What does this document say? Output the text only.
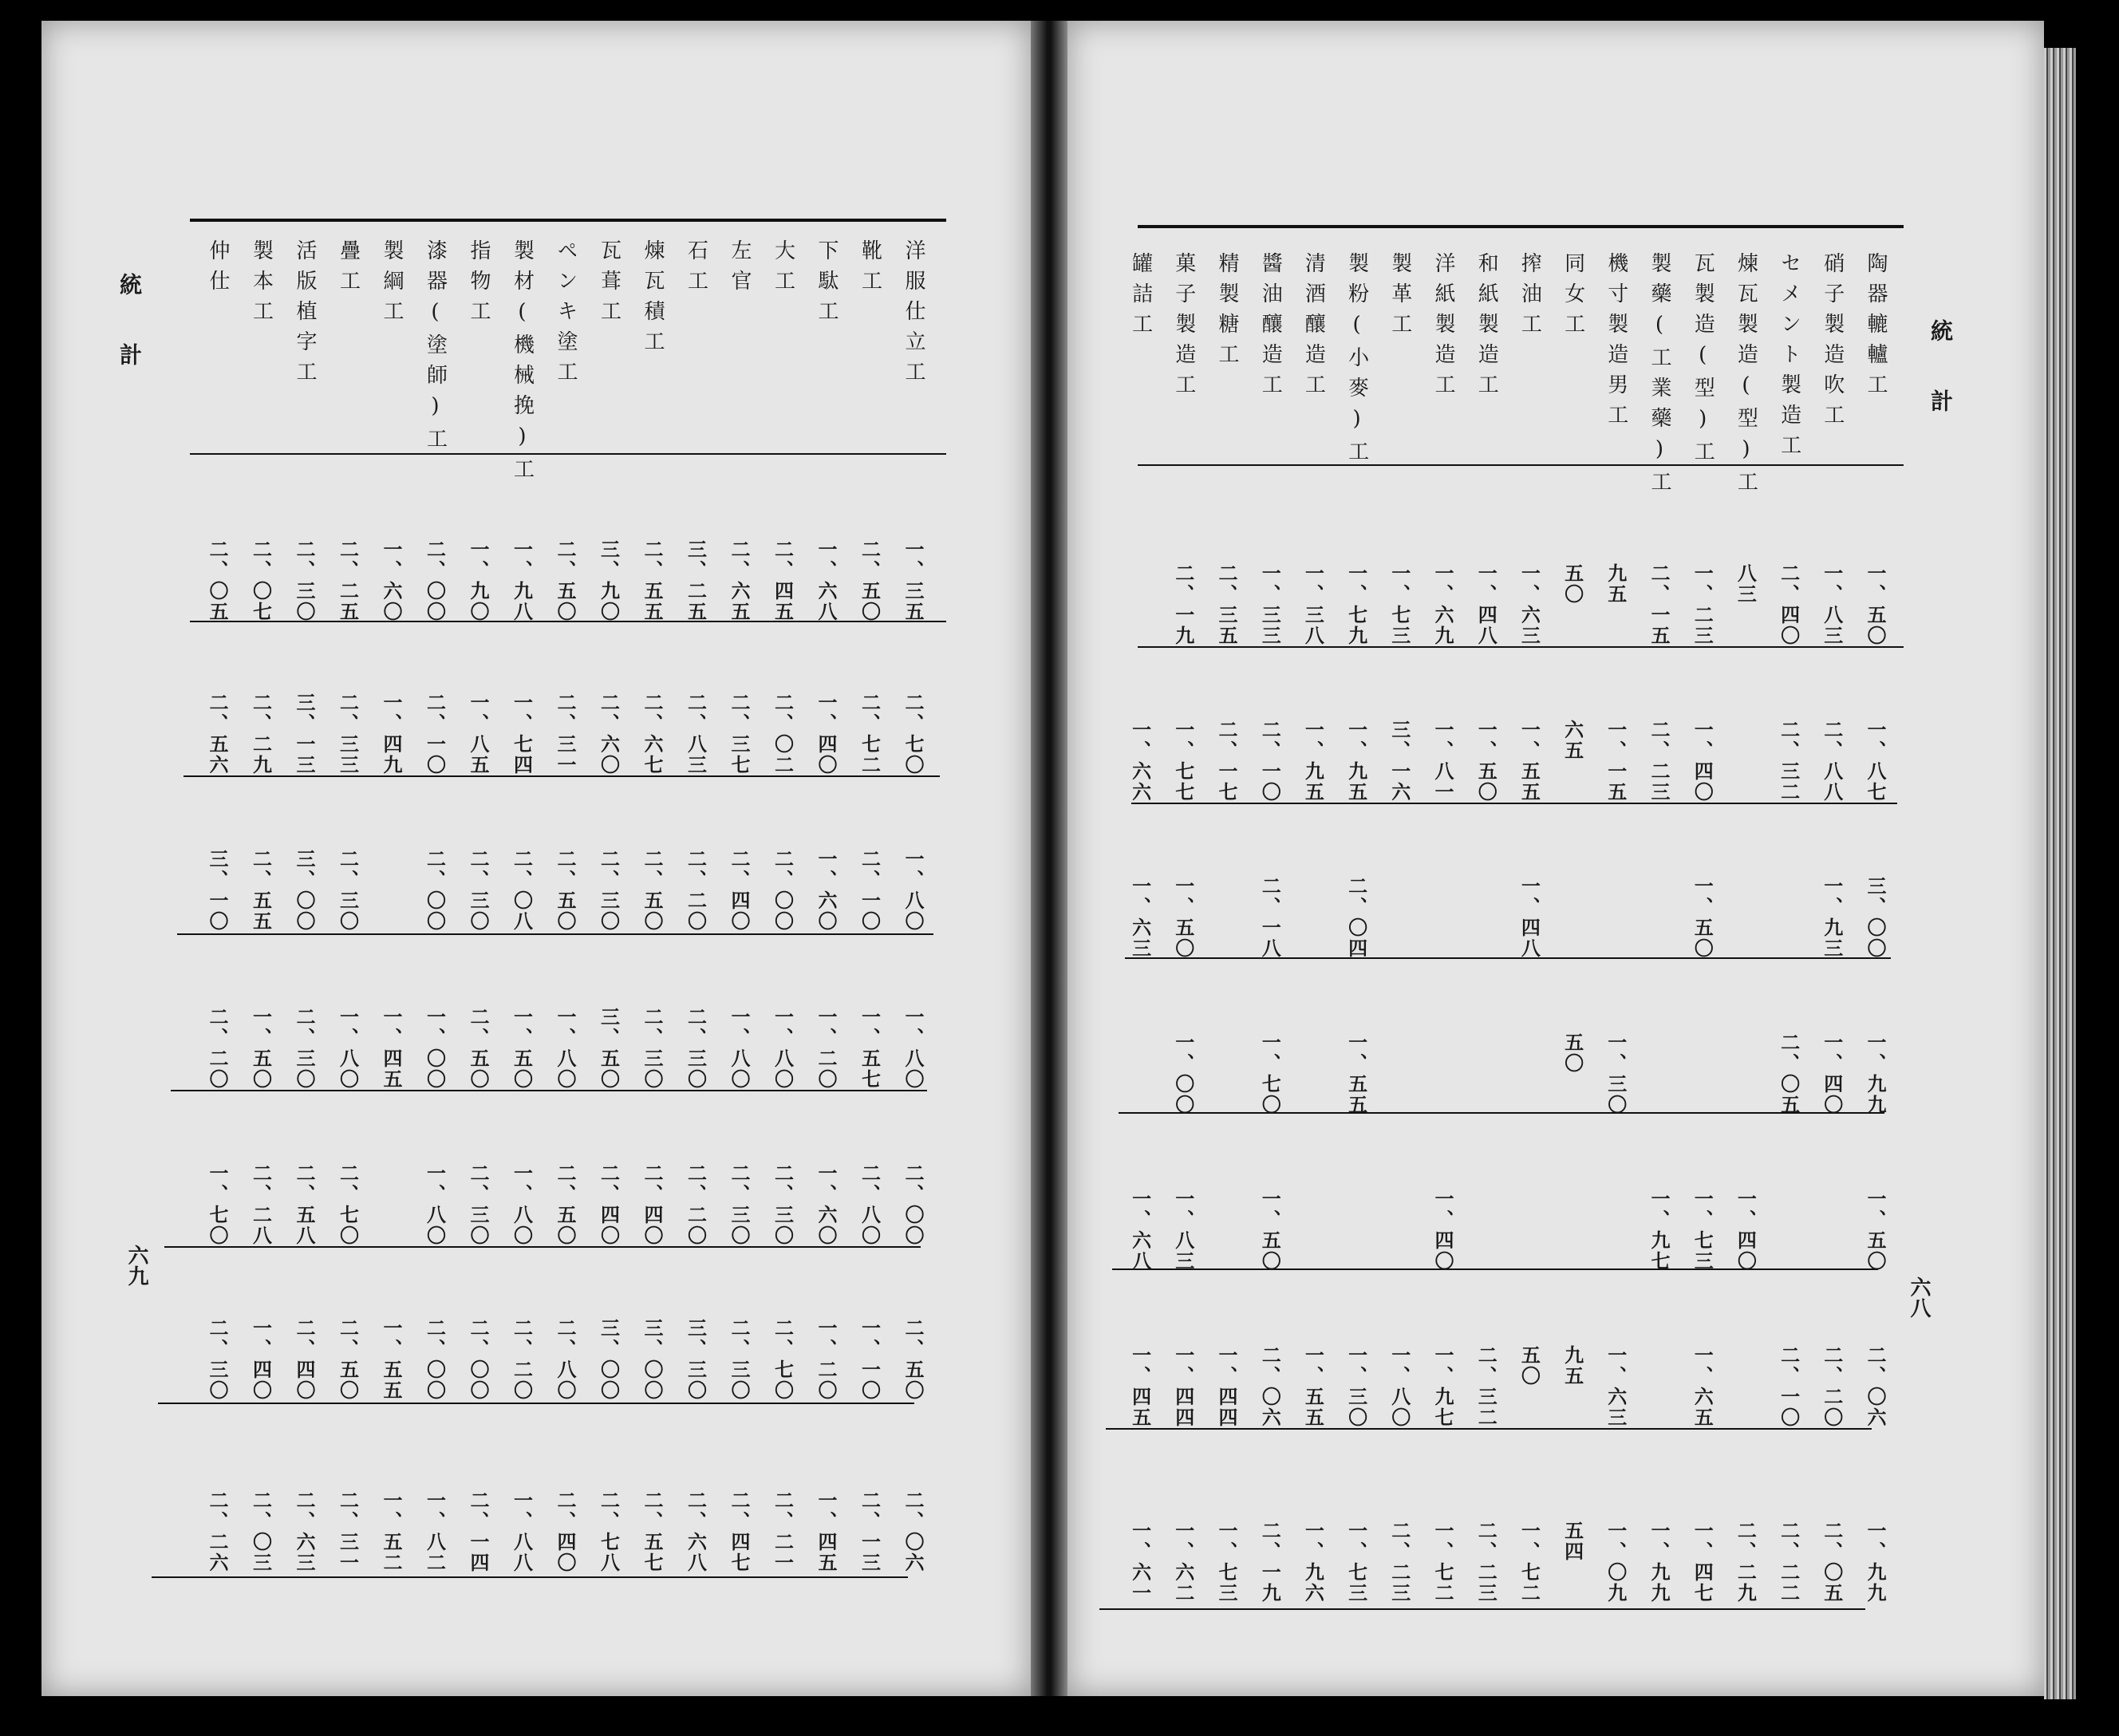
統計
六九
統計
六八
洋服仕立工
一、三五
二、七〇
一、八〇
一、八〇
二、〇〇
二、五〇
二、〇六
靴工
二、五〇
二、七二
二、一〇
一、五七
二、八〇
一、一〇
二、一三
下駄工
一、六八
一、四〇
一、六〇
一、二〇
一、六〇
一、二〇
一、四五
大工
二、四五
二、〇二
二、〇〇
一、八〇
二、三〇
二、七〇
二、二一
左官
二、六五
二、三七
二、四〇
一、八〇
二、三〇
二、三〇
二、四七
石工
三、二五
二、八三
二、二〇
二、三〇
二、二〇
三、三〇
二、六八
煉瓦積工
二、五五
二、六七
二、五〇
二、三〇
二、四〇
三、〇〇
二、五七
瓦葺工
三、九〇
二、六〇
二、三〇
三、五〇
二、四〇
三、〇〇
二、七八
ペンキ塗工
二、五〇
二、三一
二、五〇
一、八〇
二、五〇
二、八〇
二、四〇
製材(機械挽)工
一、九八
一、七四
二、〇八
一、五〇
一、八〇
二、二〇
一、八八
指物工
一、九〇
一、八五
二、三〇
二、五〇
二、三〇
二、〇〇
二、一四
漆器(塗師)工
二、〇〇
二、一〇
二、〇〇
一、〇〇
一、八〇
二、〇〇
一、八二
製綱工
一、六〇
一、四九
一、四五
一、五五
一、五二
疊工
二、二五
二、三三
二、三〇
一、八〇
二、七〇
二、五〇
二、三一
活版植字工
二、三〇
三、一三
三、〇〇
二、三〇
二、五八
二、四〇
二、六三
製本工
二、〇七
二、二九
二、五五
一、五〇
二、二八
一、四〇
二、〇三
仲仕
二、〇五
二、五六
三、一〇
二、二〇
一、七〇
二、三〇
二、二六
陶器轆轤工
一、五〇
一、八七
三、〇〇
一、九九
一、五〇
二、〇六
一、九九
硝子製造吹工
一、八三
二、八八
一、九三
一、四〇
二、二〇
二、〇五
セメント製造工
二、四〇
二、三二
二、〇五
二、一〇
二、二二
煉瓦製造(型)工
八三
一、四〇
二、二九
瓦製造(型)工
一、二三
一、四〇
一、五〇
一、七三
一、六五
一、四七
製藥(工業藥)工
二、一五
二、二三
一、九七
一、九九
機寸製造男工
九五
一、一五
一、三〇
一、六三
一、〇九
同女工
五〇
六五
五〇
九五
五四
搾油工
一、六三
一、五五
一、四八
五〇
一、七二
和紙製造工
一、四八
一、五〇
二、三二
二、二三
洋紙製造工
一、六九
一、八一
一、四〇
一、九七
一、七二
製革工
一、七三
三、一六
一、八〇
二、二三
製粉(小麥)工
一、七九
一、九五
二、〇四
一、五五
一、三〇
一、七三
清酒釀造工
一、三八
一、九五
一、五五
一、九六
醬油釀造工
一、三三
二、一〇
二、一八
一、七〇
一、五〇
二、〇六
二、一九
精製糖工
二、三五
二、一七
一、四四
一、七三
菓子製造工
二、一九
一、七七
一、五〇
一、〇〇
一、八三
一、四四
一、六二
罐詰工
一、六六
一、六三
一、六八
一、四五
一、六一
